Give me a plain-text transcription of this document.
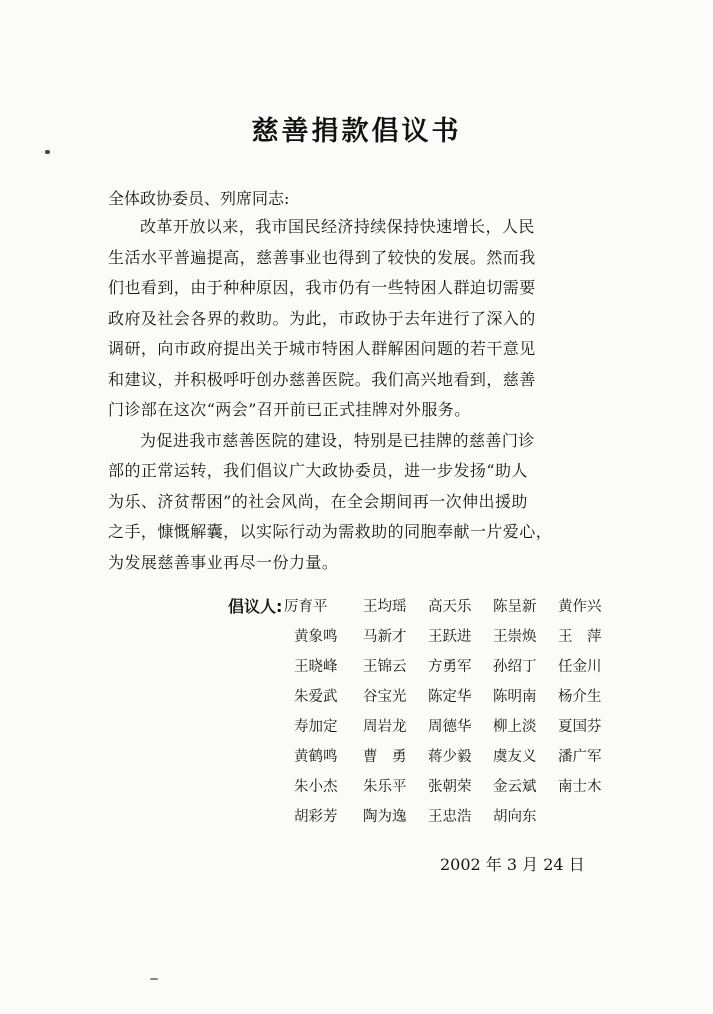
慈善捐款倡议书
全体政协委员、列席同志:
改革开放以来，我市国民经济持续保持快速增长，人民
生活水平普遍提高，慈善事业也得到了较快的发展。然而我
们也看到，由于种种原因，我市仍有一些特困人群迫切需要
政府及社会各界的救助。为此，市政协于去年进行了深入的
调研，向市政府提出关于城市特困人群解困问题的若干意见
和建议，并积极呼吁创办慈善医院。我们高兴地看到，慈善
门诊部在这次“两会”召开前已正式挂牌对外服务。
为促进我市慈善医院的建设，特别是已挂牌的慈善门诊
部的正常运转，我们倡议广大政协委员，进一步发扬“助人
为乐、济贫帮困”的社会风尚，在全会期间再一次伸出援助
之手，慷慨解囊，以实际行动为需救助的同胞奉献一片爱心，
为发展慈善事业再尽一份力量。
倡议人: 厉育平 王均瑶 高天乐 陈呈新 黄作兴
黄象鸣 马新才 王跃进 王崇焕 王　萍
王晓峰 王锦云 方勇军 孙绍丁 任金川
朱爱武 谷宝光 陈定华 陈明南 杨介生
寿加定 周岩龙 周德华 柳上淡 夏国芬
黄鹤鸣 曹　勇 蒋少毅 虞友义 潘广军
朱小杰 朱乐平 张朝荣 金云斌 南士木
胡彩芳 陶为逸 王忠浩 胡向东
2002 年 3 月 24 日
